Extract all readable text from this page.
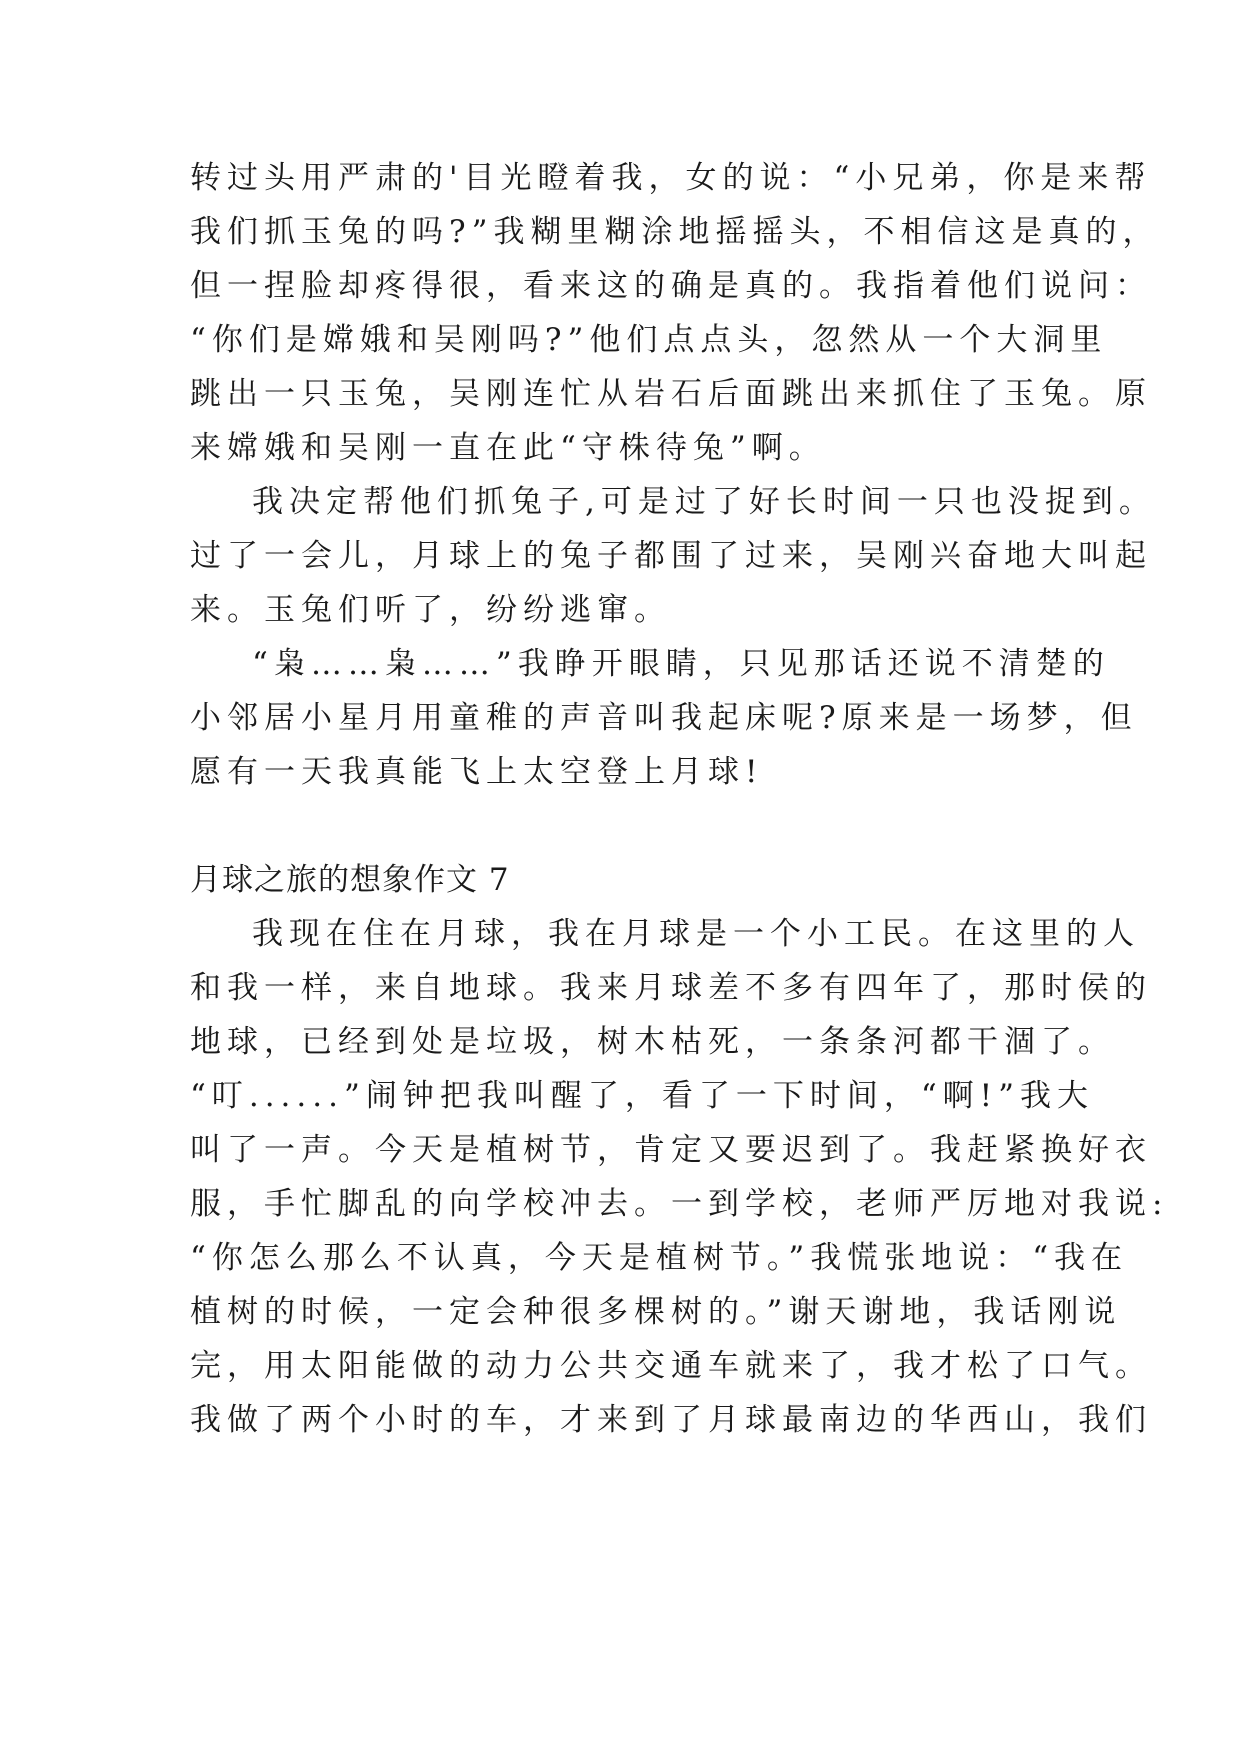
转过头用严肃的'目光瞪着我，女的说：“小兄弟，你是来帮
我们抓玉兔的吗?”我糊里糊涂地摇摇头，不相信这是真的，
但一捏脸却疼得很，看来这的确是真的。我指着他们说问：
“你们是嫦娥和吴刚吗?”他们点点头，忽然从一个大洞里
跳出一只玉兔，吴刚连忙从岩石后面跳出来抓住了玉兔。原
来嫦娥和吴刚一直在此“守株待兔”啊。
我决定帮他们抓兔子,可是过了好长时间一只也没捉到。
过了一会儿，月球上的兔子都围了过来，吴刚兴奋地大叫起
来。玉兔们听了，纷纷逃窜。
“枭……枭……”我睁开眼睛，只见那话还说不清楚的
小邻居小星月用童稚的声音叫我起床呢?原来是一场梦，但
愿有一天我真能飞上太空登上月球!
月球之旅的想象作文 7
我现在住在月球，我在月球是一个小工民。在这里的人
和我一样，来自地球。我来月球差不多有四年了，那时侯的
地球，已经到处是垃圾，树木枯死，一条条河都干涸了。
“叮......”闹钟把我叫醒了，看了一下时间，“啊!”我大
叫了一声。今天是植树节，肯定又要迟到了。我赶紧换好衣
服，手忙脚乱的向学校冲去。一到学校，老师严厉地对我说:
“你怎么那么不认真，今天是植树节。”我慌张地说：“我在
植树的时候，一定会种很多棵树的。”谢天谢地，我话刚说
完，用太阳能做的动力公共交通车就来了，我才松了口气。
我做了两个小时的车，才来到了月球最南边的华西山，我们
